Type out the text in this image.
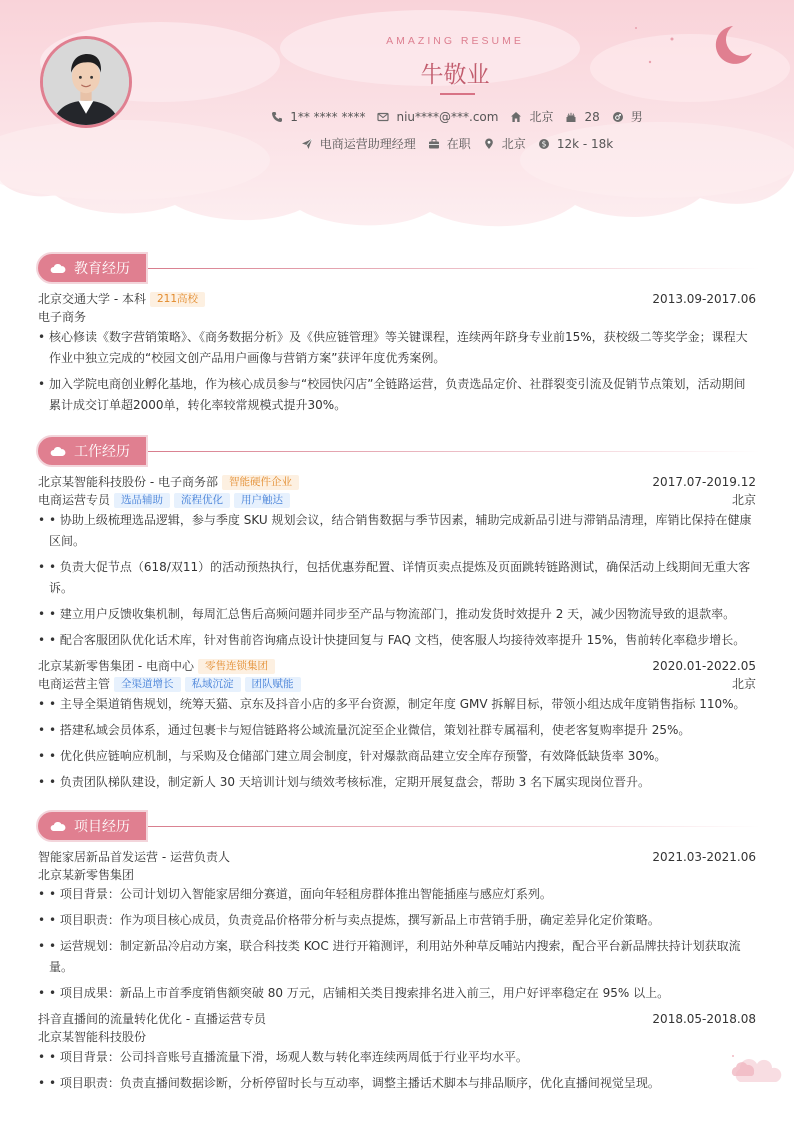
AMAZING RESUME
牛敬业
1** **** ****	niu****@***.com	北京	28	男
电商运营助理经理	在职	北京 $ 12k - 18k
教育经历
北京交通大学 - 本科 211高校	2013.09-2017.06
电子商务
• 核心修读《数字营销策略》、《商务数据分析》及《供应链管理》等关键课程，连续两年跻身专业前15%，获校级二等奖学金；课程大作业中独立完成的“校园文创产品用户画像与营销方案”获评年度优秀案例。
• 加入学院电商创业孵化基地，作为核心成员参与“校园快闪店”全链路运营，负责选品定价、社群裂变引流及促销节点策划，活动期间累计成交订单超2000单，转化率较常规模式提升30%。
工作经历
北京某智能科技股份 - 电子商务部 智能硬件企业	2017.07-2019.12
电商运营专员 选品辅助 流程优化 用户触达	北京
• • 协助上级梳理选品逻辑，参与季度 SKU 规划会议，结合销售数据与季节因素，辅助完成新品引进与滞销品清理，库销比保持在健康区间。
• • 负责大促节点（618/双11）的活动预热执行，包括优惠券配置、详情页卖点提炼及页面跳转链路测试，确保活动上线期间无重大客诉。
• • 建立用户反馈收集机制，每周汇总售后高频问题并同步至产品与物流部门，推动发货时效提升 2 天，减少因物流导致的退款率。
• • 配合客服团队优化话术库，针对售前咨询痛点设计快捷回复与 FAQ 文档，使客服人均接待效率提升 15%，售前转化率稳步增长。
北京某新零售集团 - 电商中心 零售连锁集团	2020.01-2022.05
电商运营主管 全渠道增长 私域沉淀 团队赋能	北京
• • 主导全渠道销售规划，统筹天猫、京东及抖音小店的多平台资源，制定年度 GMV 拆解目标，带领小组达成年度销售指标 110%。
• • 搭建私域会员体系，通过包裹卡与短信链路将公域流量沉淀至企业微信，策划社群专属福利，使老客复购率提升 25%。
• • 优化供应链响应机制，与采购及仓储部门建立周会制度，针对爆款商品建立安全库存预警，有效降低缺货率 30%。
• • 负责团队梯队建设，制定新人 30 天培训计划与绩效考核标准，定期开展复盘会，帮助 3 名下属实现岗位晋升。
项目经历
智能家居新品首发运营 - 运营负责人	2021.03-2021.06
北京某新零售集团
• • 项目背景：公司计划切入智能家居细分赛道，面向年轻租房群体推出智能插座与感应灯系列。
• • 项目职责：作为项目核心成员，负责竞品价格带分析与卖点提炼，撰写新品上市营销手册，确定差异化定价策略。
• • 运营规划：制定新品冷启动方案，联合科技类 KOC 进行开箱测评，利用站外种草反哺站内搜索，配合平台新品牌扶持计划获取流量。
• • 项目成果：新品上市首季度销售额突破 80 万元，店铺相关类目搜索排名进入前三，用户好评率稳定在 95% 以上。
抖音直播间的流量转化优化 - 直播运营专员	2018.05-2018.08
北京某智能科技股份
• • 项目背景：公司抖音账号直播流量下滑，场观人数与转化率连续两周低于行业平均水平。
• • 项目职责：负责直播间数据诊断，分析停留时长与互动率，调整主播话术脚本与排品顺序，优化直播间视觉呈现。
